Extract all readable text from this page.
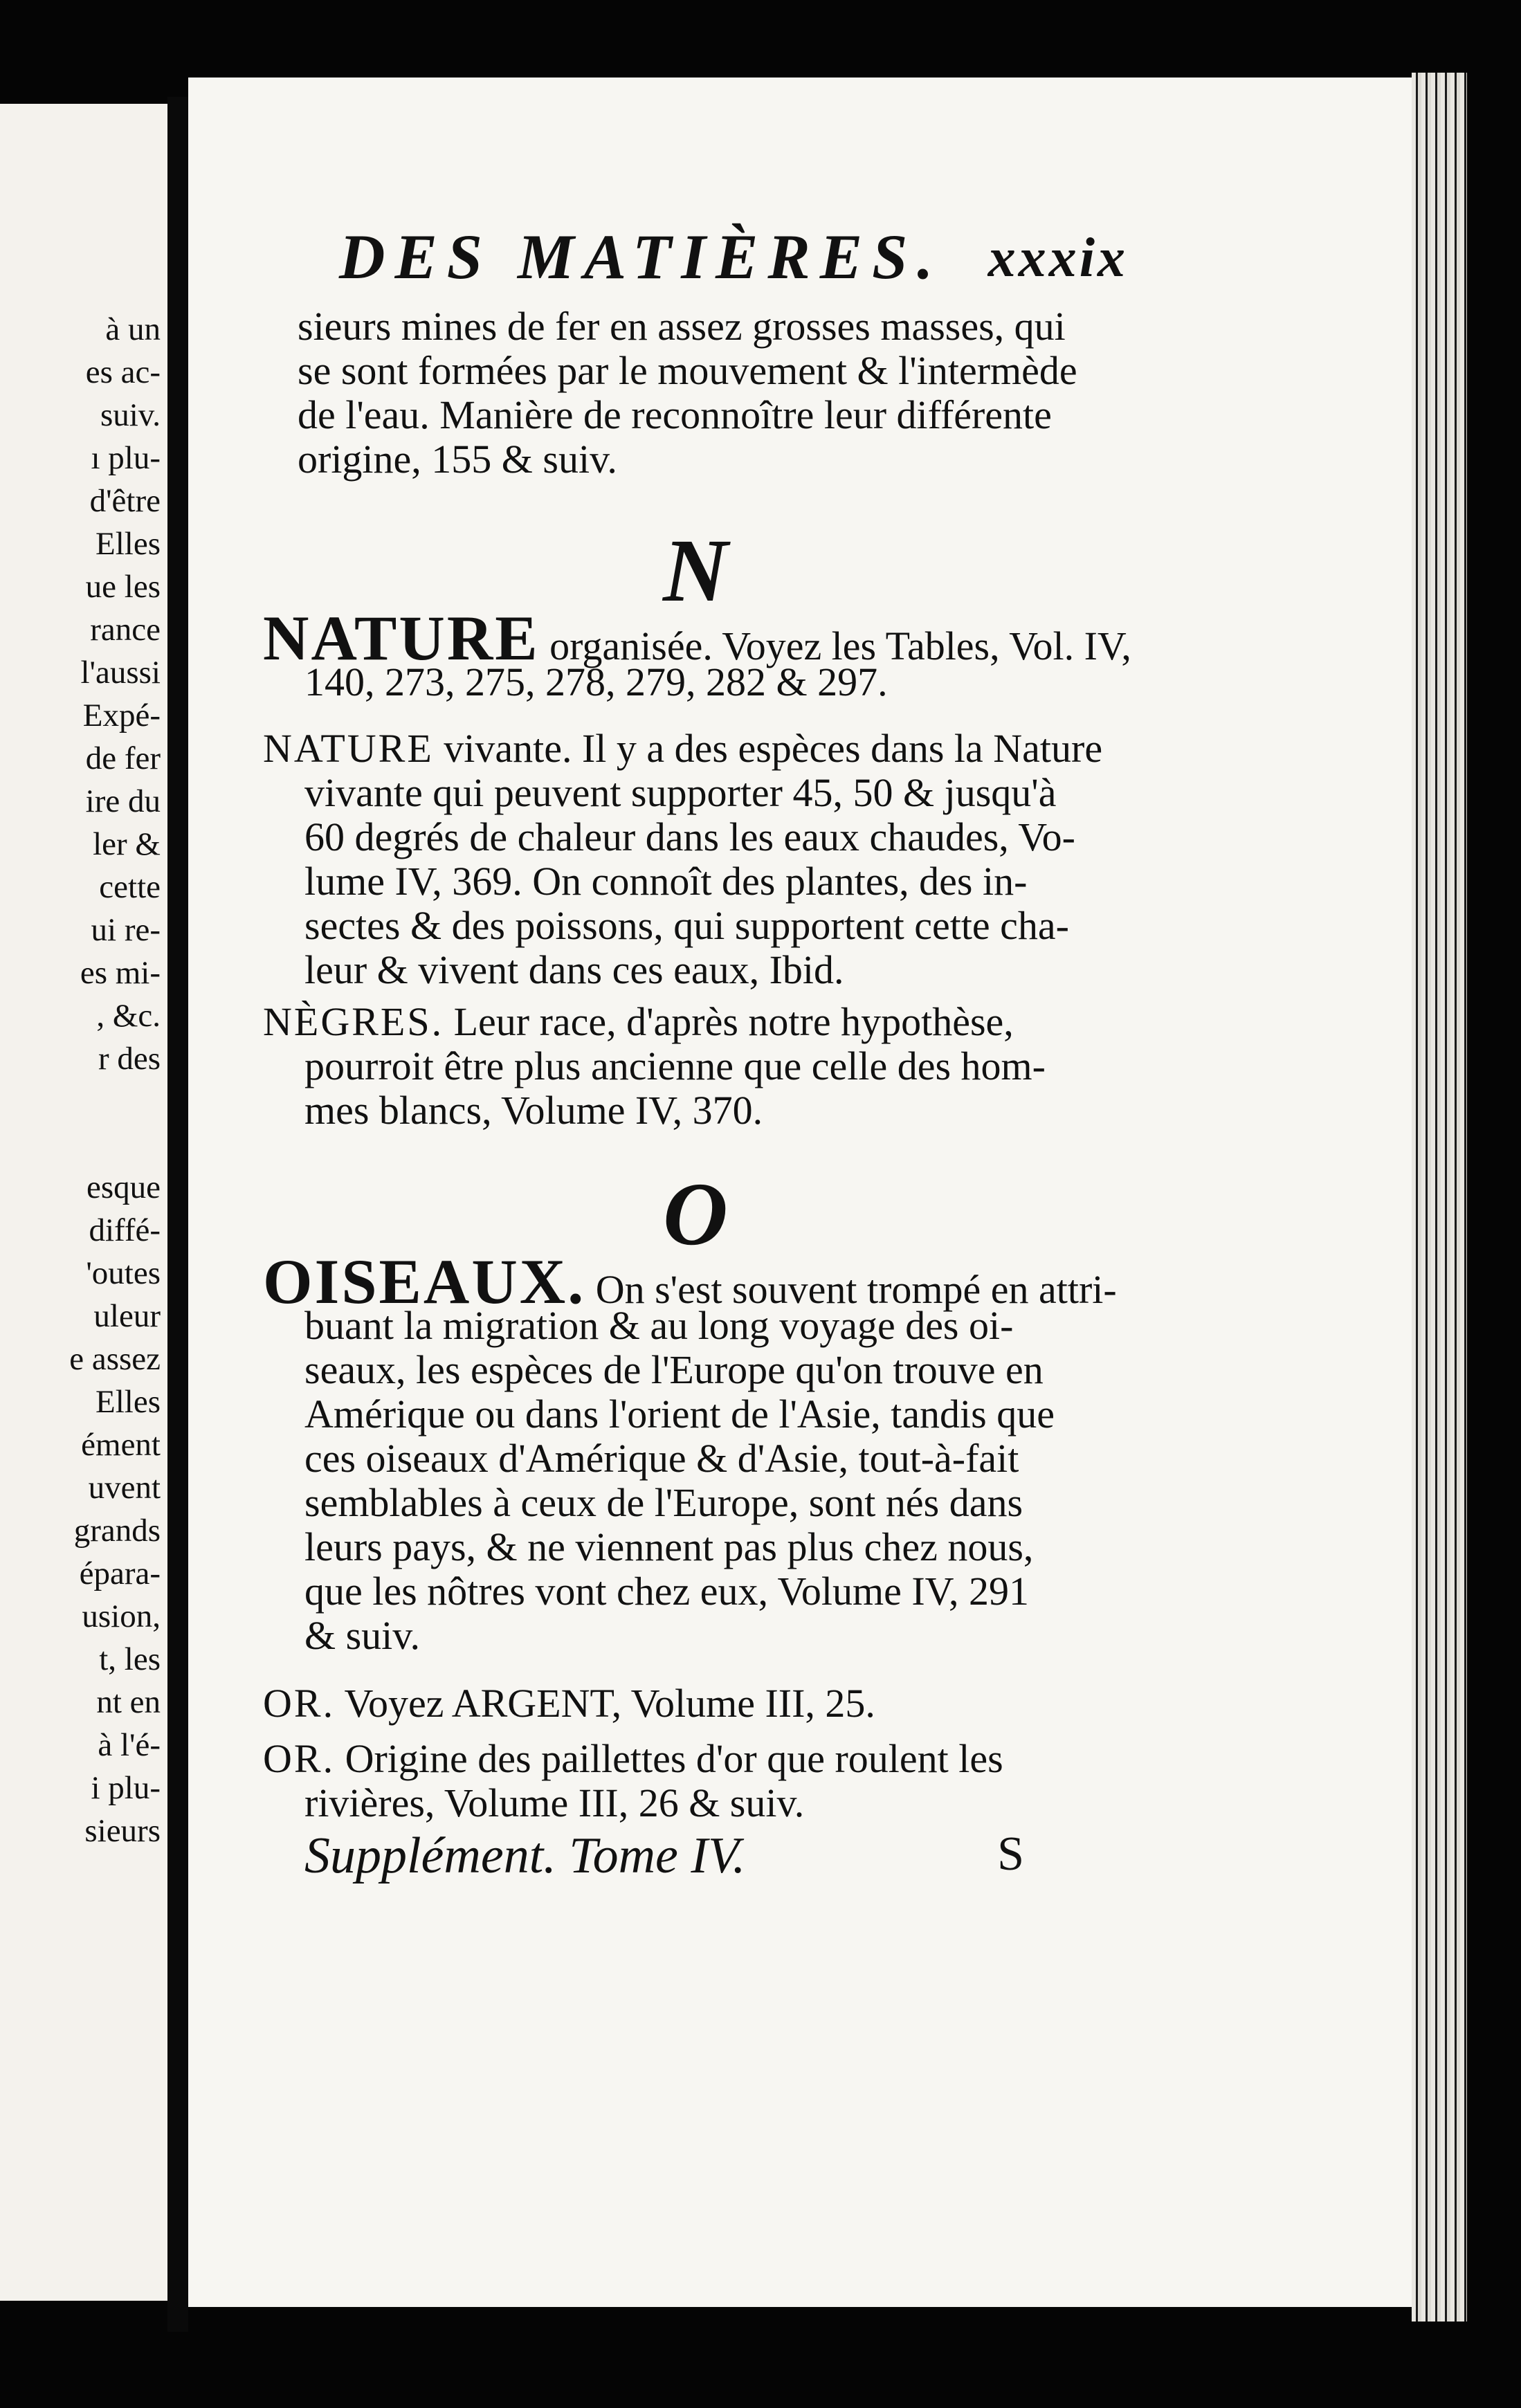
à un
es ac-
suiv.
ı plu-
d'être
Elles
ue les
rance
l'aussi
Expé-
de fer
ire du
ler &
cette
ui re-
es mi-
, &c.
r des
esque
diffé-
'outes
uleur
e assez
Elles
ément
uvent
grands
épara-
usion,
t, les
nt en
à l'é-
i plu-
sieurs
DES MATIÈRES. xxxix
sieurs mines de fer en assez grosses masses, qui
se sont formées par le mouvement & l'intermède
de l'eau. Manière de reconnoître leur différente
origine, 155 & suiv.
N
NATURE organisée. Voyez les Tables, Vol. IV,
140, 273, 275, 278, 279, 282 & 297.
NATURE vivante. Il y a des espèces dans la Nature
vivante qui peuvent supporter 45, 50 & jusqu'à
60 degrés de chaleur dans les eaux chaudes, Vo-
lume IV, 369. On connoît des plantes, des in-
sectes & des poissons, qui supportent cette cha-
leur & vivent dans ces eaux, Ibid.
NÈGRES. Leur race, d'après notre hypothèse,
pourroit être plus ancienne que celle des hom-
mes blancs, Volume IV, 370.
O
OISEAUX. On s'est souvent trompé en attri-
buant la migration & au long voyage des oi-
seaux, les espèces de l'Europe qu'on trouve en
Amérique ou dans l'orient de l'Asie, tandis que
ces oiseaux d'Amérique & d'Asie, tout-à-fait
semblables à ceux de l'Europe, sont nés dans
leurs pays, & ne viennent pas plus chez nous,
que les nôtres vont chez eux, Volume IV, 291
& suiv.
OR. Voyez ARGENT, Volume III, 25.
OR. Origine des paillettes d'or que roulent les
rivières, Volume III, 26 & suiv.
Supplément. Tome IV.	S
